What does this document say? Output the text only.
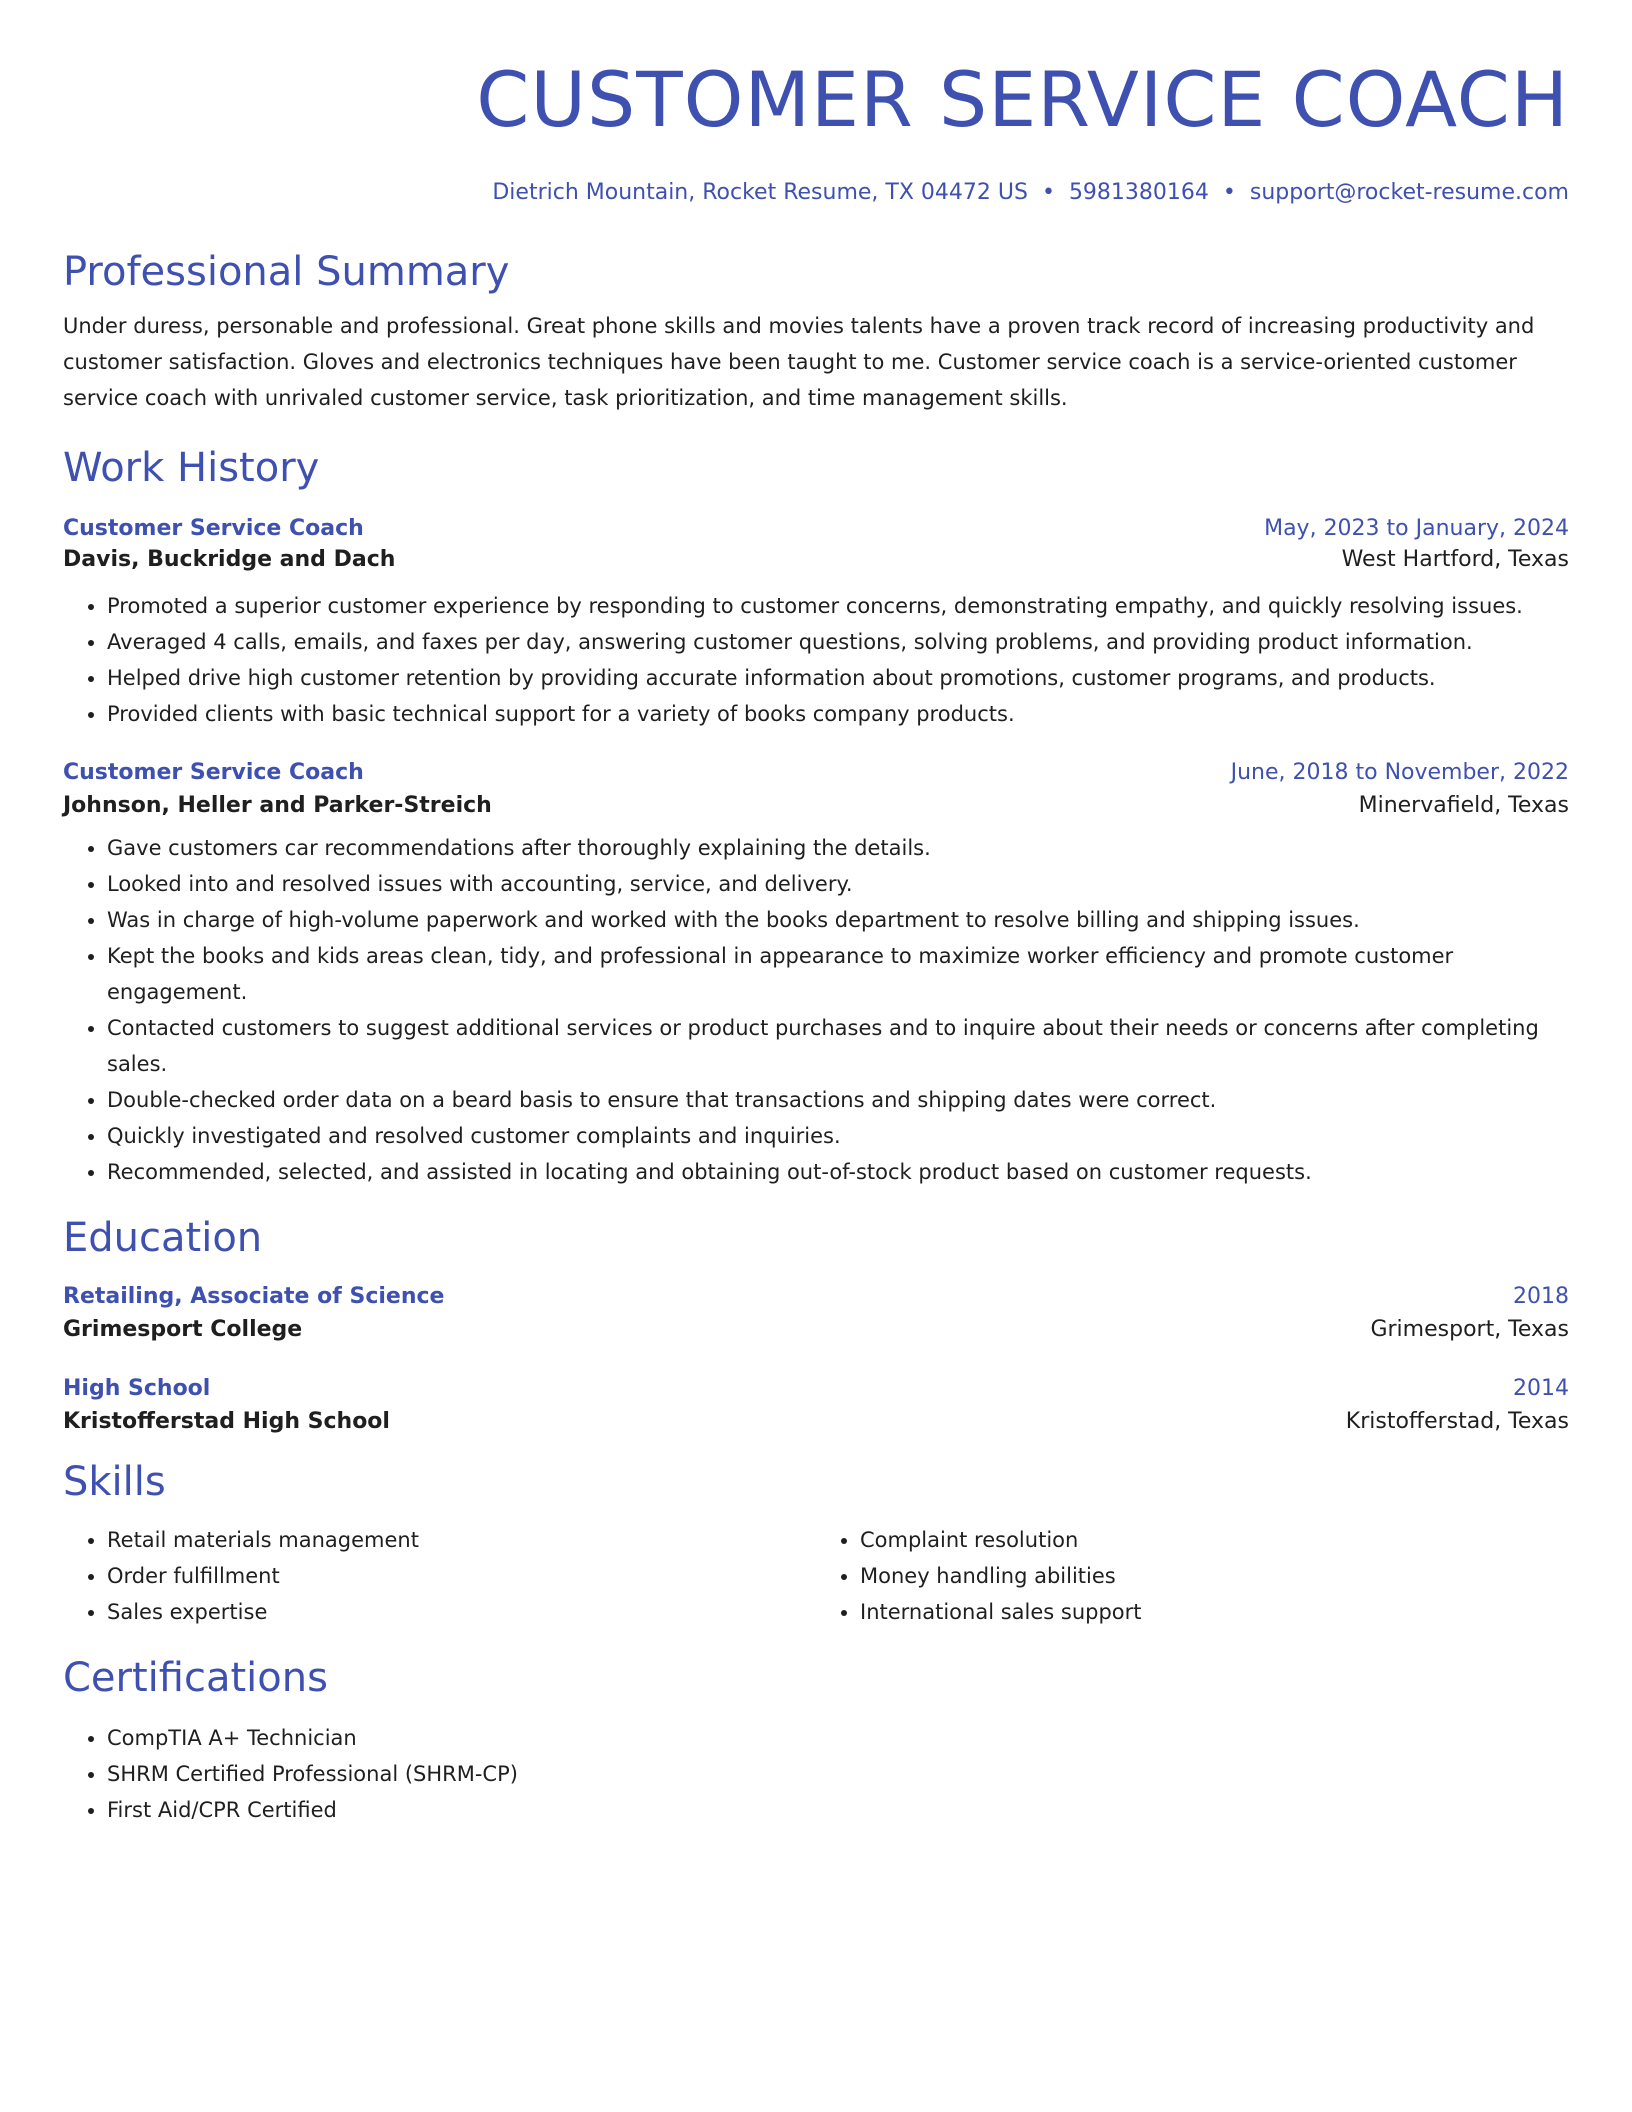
CUSTOMER SERVICE COACH
Dietrich Mountain, Rocket Resume, TX 04472 US • 5981380164 • support@rocket-resume.com
Professional Summary
Under duress, personable and professional. Great phone skills and movies talents have a proven track record of increasing productivity and customer satisfaction. Gloves and electronics techniques have been taught to me. Customer service coach is a service-oriented customer service coach with unrivaled customer service, task prioritization, and time management skills.
Work History
Customer Service Coach	May, 2023 to January, 2024
Davis, Buckridge and Dach	West Hartford, Texas
• Promoted a superior customer experience by responding to customer concerns, demonstrating empathy, and quickly resolving issues.
• Averaged 4 calls, emails, and faxes per day, answering customer questions, solving problems, and providing product information.
• Helped drive high customer retention by providing accurate information about promotions, customer programs, and products.
• Provided clients with basic technical support for a variety of books company products.
Customer Service Coach	June, 2018 to November, 2022
Johnson, Heller and Parker-Streich	Minervafield, Texas
• Gave customers car recommendations after thoroughly explaining the details.
• Looked into and resolved issues with accounting, service, and delivery.
• Was in charge of high-volume paperwork and worked with the books department to resolve billing and shipping issues.
• Kept the books and kids areas clean, tidy, and professional in appearance to maximize worker efficiency and promote customer engagement.
• Contacted customers to suggest additional services or product purchases and to inquire about their needs or concerns after completing sales.
• Double-checked order data on a beard basis to ensure that transactions and shipping dates were correct.
• Quickly investigated and resolved customer complaints and inquiries.
• Recommended, selected, and assisted in locating and obtaining out-of-stock product based on customer requests.
Education
Retailing, Associate of Science	2018
Grimesport College	Grimesport, Texas
High School	2014
Kristofferstad High School	Kristofferstad, Texas
Skills
• Retail materials management
• Order fulfillment
• Sales expertise
• Complaint resolution
• Money handling abilities
• International sales support
Certifications
• CompTIA A+ Technician
• SHRM Certified Professional (SHRM-CP)
• First Aid/CPR Certified
